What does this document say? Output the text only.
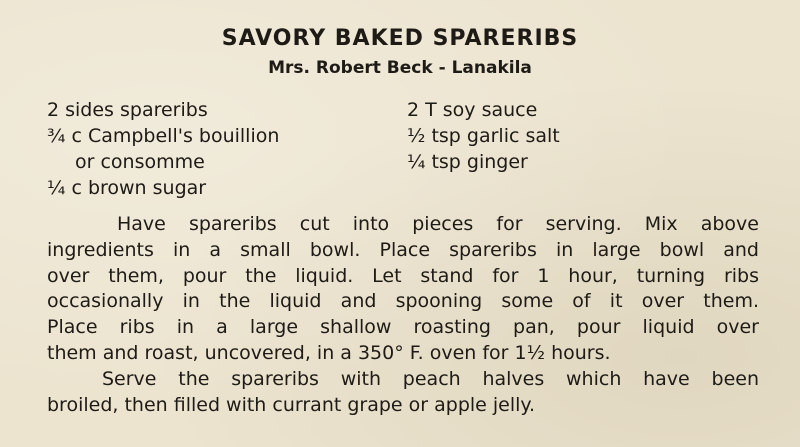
SAVORY BAKED SPARERIBS
Mrs. Robert Beck - Lanakila
2 sides spareribs
¾ c Campbell's bouillion
or consomme
¼ c brown sugar
2 T soy sauce
½ tsp garlic salt
¼ tsp ginger
Have spareribs cut into pieces for serving. Mix above
ingredients in a small bowl. Place spareribs in large bowl and
over them, pour the liquid. Let stand for 1 hour, turning ribs
occasionally in the liquid and spooning some of it over them.
Place ribs in a large shallow roasting pan, pour liquid over
them and roast, uncovered, in a 350° F. oven for 1½ hours.
Serve the spareribs with peach halves which have been
broiled, then filled with currant grape or apple jelly.
